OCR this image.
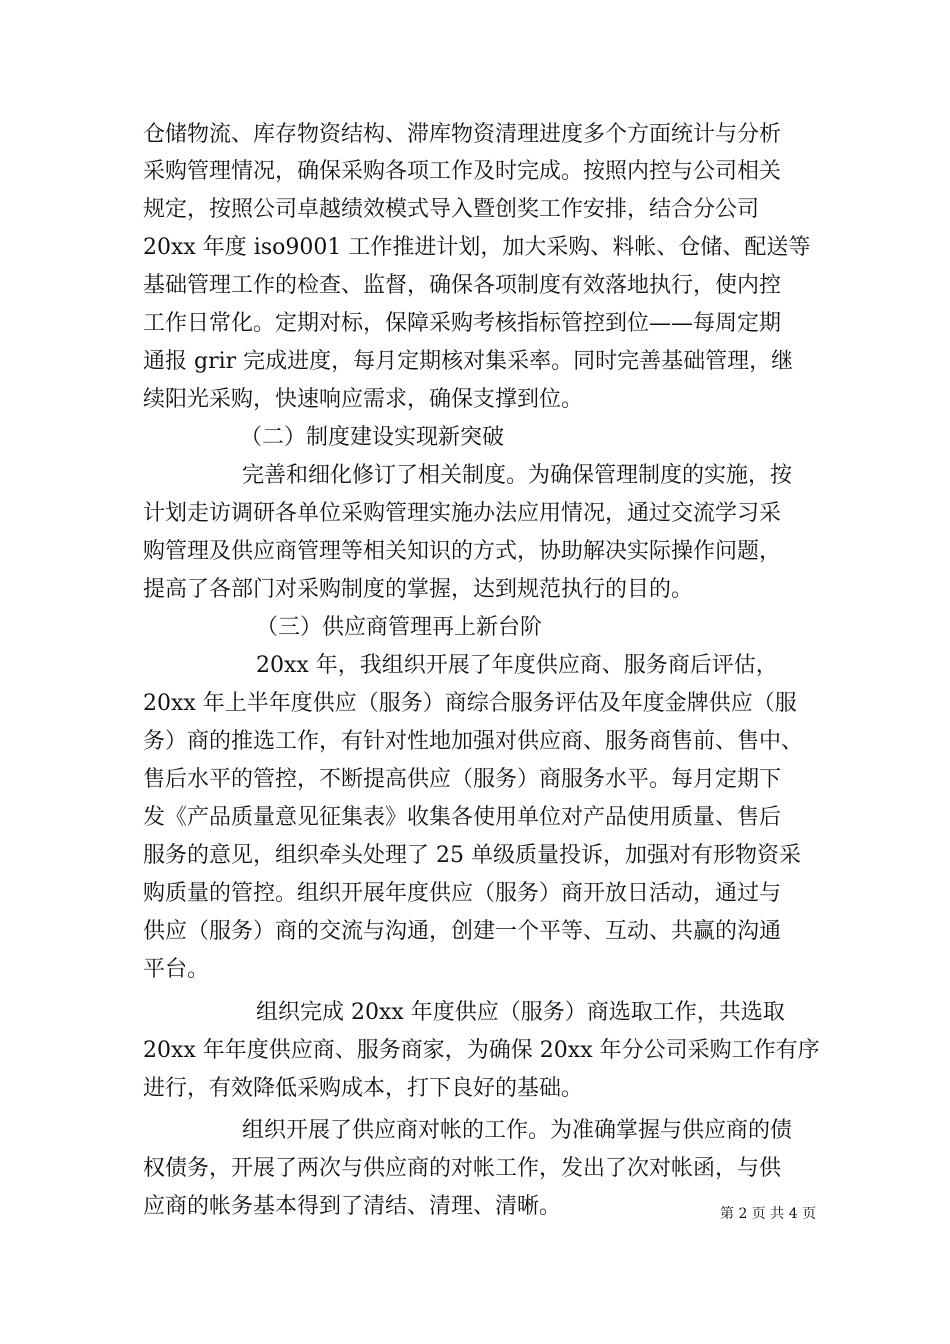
仓储物流、库存物资结构、滞库物资清理进度多个方面统计与分析
采购管理情况，确保采购各项工作及时完成。按照内控与公司相关
规定，按照公司卓越绩效模式导入暨创奖工作安排，结合分公司
20xx 年度 iso9001 工作推进计划，加大采购、料帐、仓储、配送等
基础管理工作的检查、监督，确保各项制度有效落地执行，使内控
工作日常化。定期对标，保障采购考核指标管控到位——每周定期
通报 grir 完成进度，每月定期核对集采率。同时完善基础管理，继
续阳光采购，快速响应需求，确保支撑到位。
（二）制度建设实现新突破
完善和细化修订了相关制度。为确保管理制度的实施，按
计划走访调研各单位采购管理实施办法应用情况，通过交流学习采
购管理及供应商管理等相关知识的方式，协助解决实际操作问题，
提高了各部门对采购制度的掌握，达到规范执行的目的。
（三）供应商管理再上新台阶
20xx 年，我组织开展了年度供应商、服务商后评估，
20xx 年上半年度供应（服务）商综合服务评估及年度金牌供应（服
务）商的推选工作，有针对性地加强对供应商、服务商售前、售中、
售后水平的管控，不断提高供应（服务）商服务水平。每月定期下
发《产品质量意见征集表》收集各使用单位对产品使用质量、售后
服务的意见，组织牵头处理了 25 单级质量投诉，加强对有形物资采
购质量的管控。组织开展年度供应（服务）商开放日活动，通过与
供应（服务）商的交流与沟通，创建一个平等、互动、共赢的沟通
平台。
组织完成 20xx 年度供应（服务）商选取工作，共选取
20xx 年年度供应商、服务商家，为确保 20xx 年分公司采购工作有序
进行，有效降低采购成本，打下良好的基础。
组织开展了供应商对帐的工作。为准确掌握与供应商的债
权债务，开展了两次与供应商的对帐工作，发出了次对帐函，与供
应商的帐务基本得到了清结、清理、清晰。	第 2 页 共 4 页
